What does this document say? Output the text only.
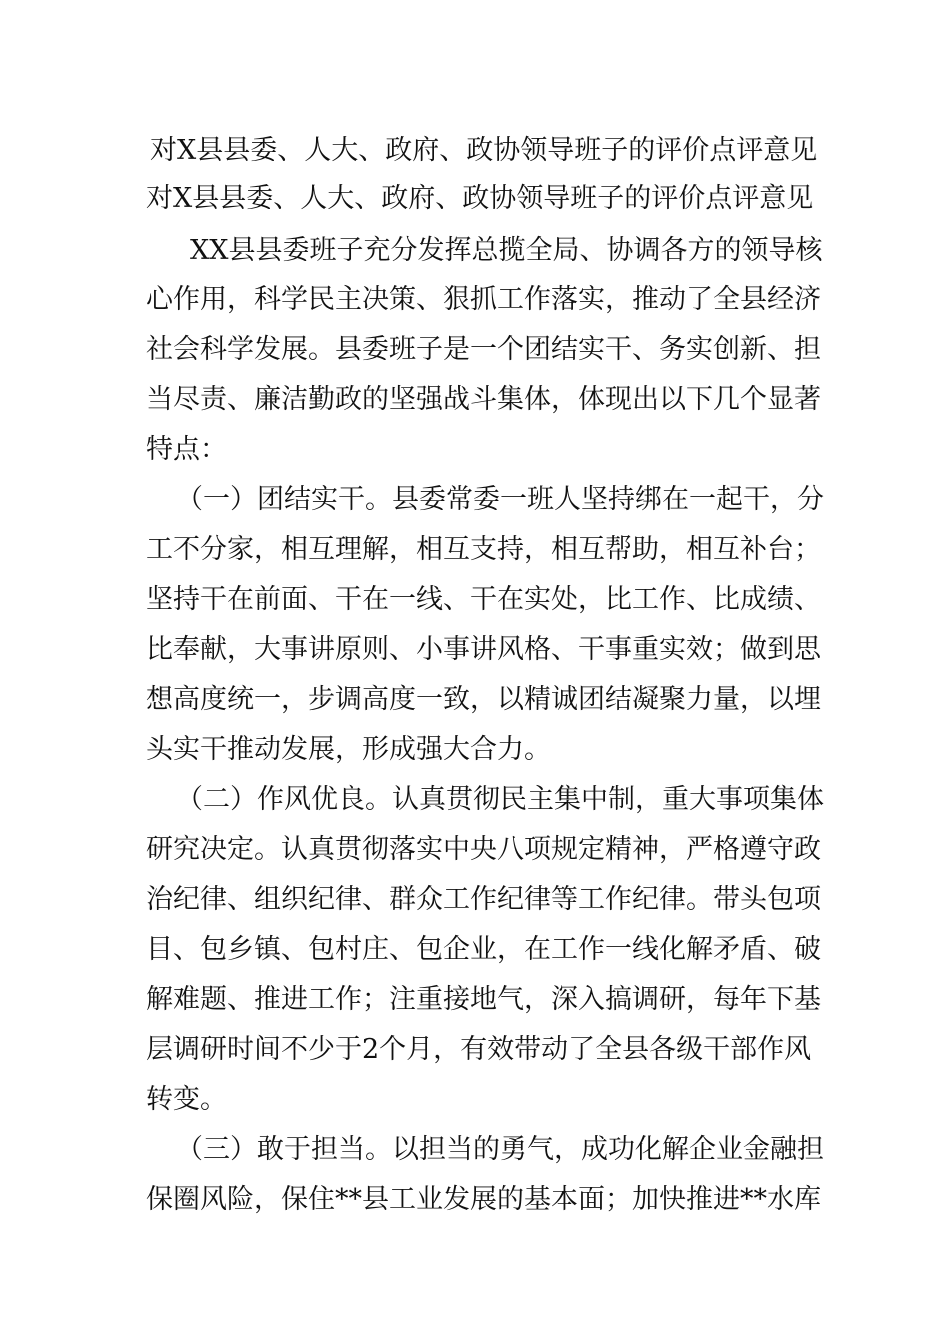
对X县县委、人大、政府、政协领导班子的评价点评意见
对X县县委、人大、政府、政协领导班子的评价点评意见
XX县县委班子充分发挥总揽全局、协调各方的领导核
心作用，科学民主决策、狠抓工作落实，推动了全县经济
社会科学发展。县委班子是一个团结实干、务实创新、担
当尽责、廉洁勤政的坚强战斗集体，体现出以下几个显著
特点：
（一）团结实干。县委常委一班人坚持绑在一起干，分
工不分家，相互理解，相互支持，相互帮助，相互补台；
坚持干在前面、干在一线、干在实处，比工作、比成绩、
比奉献，大事讲原则、小事讲风格、干事重实效；做到思
想高度统一，步调高度一致，以精诚团结凝聚力量，以埋
头实干推动发展，形成强大合力。
（二）作风优良。认真贯彻民主集中制，重大事项集体
研究决定。认真贯彻落实中央八项规定精神，严格遵守政
治纪律、组织纪律、群众工作纪律等工作纪律。带头包项
目、包乡镇、包村庄、包企业，在工作一线化解矛盾、破
解难题、推进工作；注重接地气，深入搞调研，每年下基
层调研时间不少于2个月，有效带动了全县各级干部作风
转变。
（三）敢于担当。以担当的勇气，成功化解企业金融担
保圈风险，保住**县工业发展的基本面；加快推进**水库
